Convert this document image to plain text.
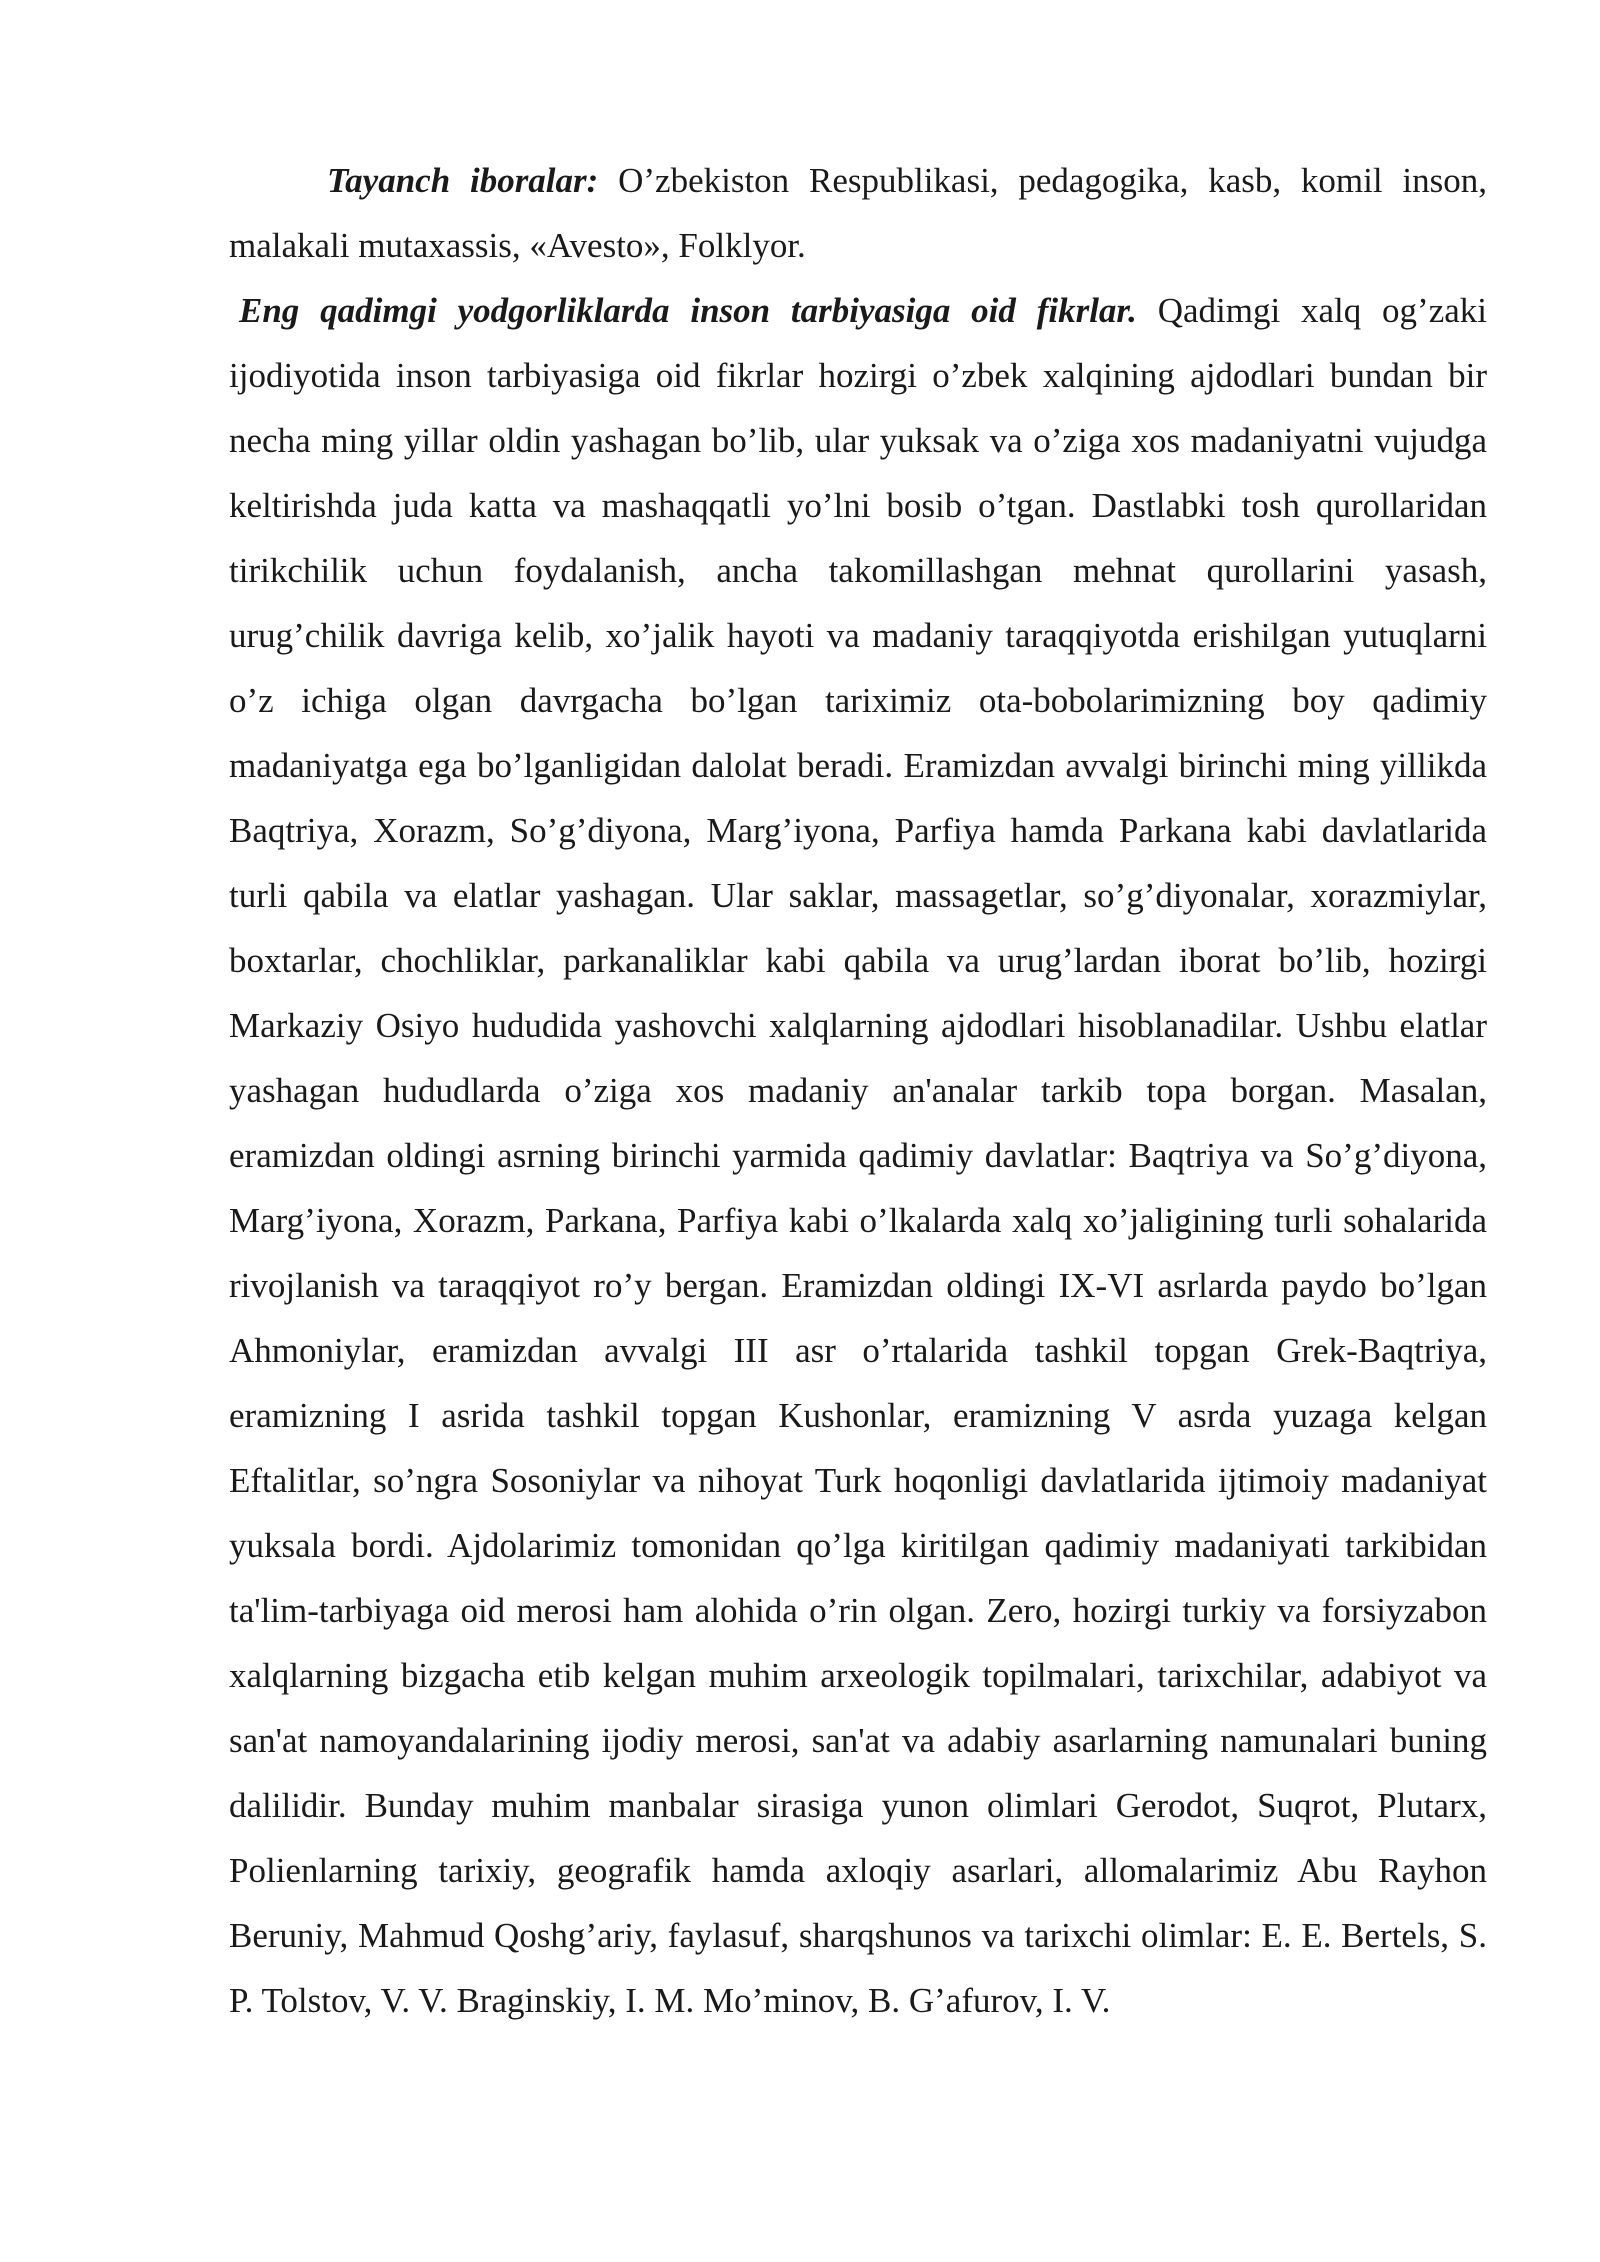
Tayanch iboralar: O’zbekiston Respublikasi, pedagogika, kasb, komil inson, malakali mutaxassis, «Avesto», Folklyor.

Eng qadimgi yodgorliklarda inson tarbiyasiga oid fikrlar. Qadimgi xalq og’zaki ijodiyotida inson tarbiyasiga oid fikrlar hozirgi o’zbek xalqining ajdodlari bundan bir necha ming yillar oldin yashagan bo’lib, ular yuksak va o’ziga xos madaniyatni vujudga keltirishda juda katta va mashaqqatli yo’lni bosib o’tgan. Dastlabki tosh qurollaridan tirikchilik uchun foydalanish, ancha takomillashgan mehnat qurollarini yasash, urug’chilik davriga kelib, xo’jalik hayoti va madaniy taraqqiyotda erishilgan yutuqlarni o’z ichiga olgan davrgacha bo’lgan tariximiz ota-bobolarimizning boy qadimiy madaniyatga ega bo’lganligidan dalolat beradi. Eramizdan avvalgi birinchi ming yillikda Baqtriya, Xorazm, So’g’diyona, Marg’iyona, Parfiya hamda Parkana kabi davlatlarida turli qabila va elatlar yashagan. Ular saklar, massagetlar, so’g’diyonalar, xorazmiylar, boxtarlar, chochliklar, parkanaliklar kabi qabila va urug’lardan iborat bo’lib, hozirgi Markaziy Osiyo hududida yashovchi xalqlarning ajdodlari hisoblanadilar. Ushbu elatlar yashagan hududlarda o’ziga xos madaniy an'analar tarkib topa borgan. Masalan, eramizdan oldingi asrning birinchi yarmida qadimiy davlatlar: Baqtriya va So’g’diyona, Marg’iyona, Xorazm, Parkana, Parfiya kabi o’lkalarda xalq xo’jaligining turli sohalarida rivojlanish va taraqqiyot ro’y bergan. Eramizdan oldingi IX-VI asrlarda paydo bo’lgan Ahmoniylar, eramizdan avvalgi III asr o’rtalarida tashkil topgan Grek-Baqtriya, eramizning I asrida tashkil topgan Kushonlar, eramizning V asrda yuzaga kelgan Eftalitlar, so’ngra Sosoniylar va nihoyat Turk hoqonligi davlatlarida ijtimoiy madaniyat yuksala bordi. Ajdolarimiz tomonidan qo’lga kiritilgan qadimiy madaniyati tarkibidan ta'lim-tarbiyaga oid merosi ham alohida o’rin olgan. Zero, hozirgi turkiy va forsiyzabon xalqlarning bizgacha etib kelgan muhim arxeologik topilmalari, tarixchilar, adabiyot va san'at namoyandalarining ijodiy merosi, san'at va adabiy asarlarning namunalari buning dalilidir. Bunday muhim manbalar sirasiga yunon olimlari Gerodot, Suqrot, Plutarx, Polienlarning tarixiy, geografik hamda axloqiy asarlari, allomalarimiz Abu Rayhon Beruniy, Mahmud Qoshg’ariy, faylasuf, sharqshunos va tarixchi olimlar: E. E. Bertels, S. P. Tolstov, V. V. Braginskiy, I. M. Mo’minov, B. G’afurov, I. V.
